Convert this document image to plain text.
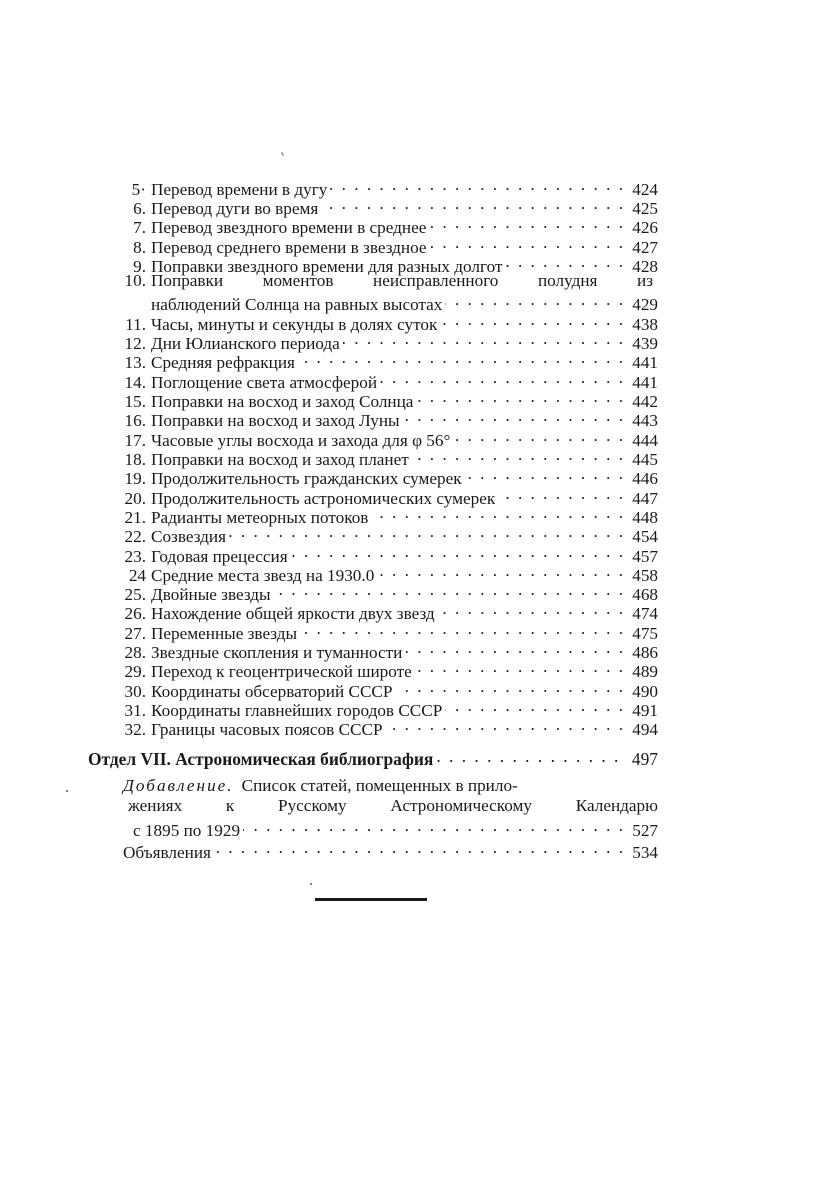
5· Перевод времени в дугу . . .	424
6. Перевод дуги во время . . .	425
7. Перевод звездного времени в среднее . . .	426
8. Перевод среднего времени в звездное . . .	427
9. Поправки звездного времени для разных долгот . . .	428
10. Поправки моментов неисправленного полудня из
наблюдений Солнца на равных высотах . . .	429
11. Часы, минуты и секунды в долях суток . . .	438
12. Дни Юлианского периода . . .	439
13. Средняя рефракция . . .	441
14. Поглощение света атмосферой . . .	441
15. Поправки на восход и заход Солнца . . .	442
16. Поправки на восход и заход Луны . . .	443
17. Часовые углы восхода и захода для φ 56° . . .	444
18. Поправки на восход и заход планет . . .	445
19. Продолжительность гражданских сумерек . . .	446
20. Продолжительность астрономических сумерек . . .	447
21. Радианты метеорных потоков . . .	448
22. Созвездия . . .	454
23. Годовая прецессия . . .	457
24 Средние места звезд на 1930.0 . . .	458
25. Двойные звезды . . .	468
26. Нахождение общей яркости двух звезд . . .	474
27. Переменные звезды . . .	475
28. Звездные скопления и туманности . . .	486
29. Переход к геоцентрической широте . . .	489
30. Координаты обсерваторий СССР . . .	490
31. Координаты главнейших городов СССР . . .	491
32. Границы часовых поясов СССР . . .	494
Отдел VII. Астрономическая библиография . . .	497
Добавление. Список статей, помещенных в прило-
жениях к Русскому Астрономическому Календарю
с 1895 по 1929 . . .	527
Объявления . . .	534
